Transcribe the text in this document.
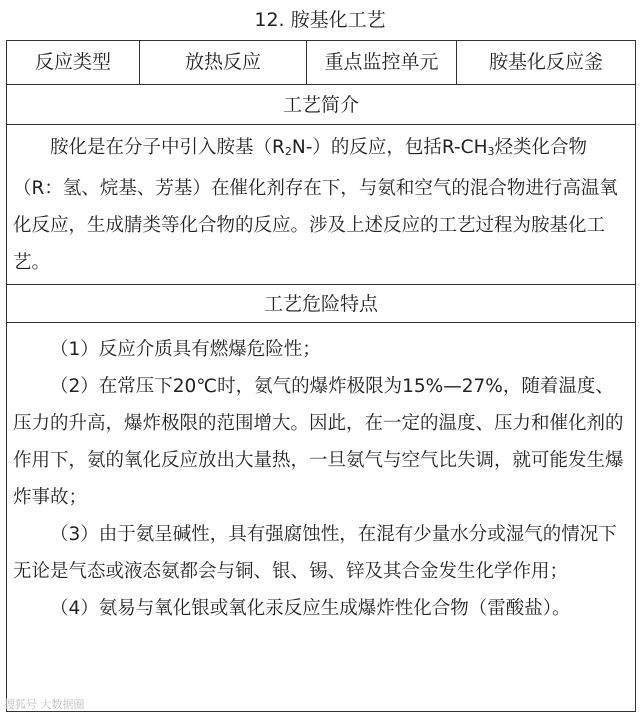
12. 胺基化工艺
反应类型	放热反应	重点监控单元	胺基化反应釜
工艺简介
胺化是在分子中引入胺基（R2N-）的反应，包括R-CH3烃类化合物（R：氢、烷基、芳基）在催化剂存在下，与氨和空气的混合物进行高温氧化反应，生成腈类等化合物的反应。涉及上述反应的工艺过程为胺基化工艺。
工艺危险特点

（1）反应介质具有燃爆危险性；

（2）在常压下20℃时，氨气的爆炸极限为15%—27%，随着温度、压力的升高，爆炸极限的范围增大。因此，在一定的温度、压力和催化剂的作用下，氨的氧化反应放出大量热，一旦氨气与空气比失调，就可能发生爆炸事故；

（3）由于氨呈碱性，具有强腐蚀性，在混有少量水分或湿气的情况下无论是气态或液态氨都会与铜、银、锡、锌及其合金发生化学作用；

（4）氨易与氧化银或氧化汞反应生成爆炸性化合物（雷酸盐）。

搜狐号 大数据圈
